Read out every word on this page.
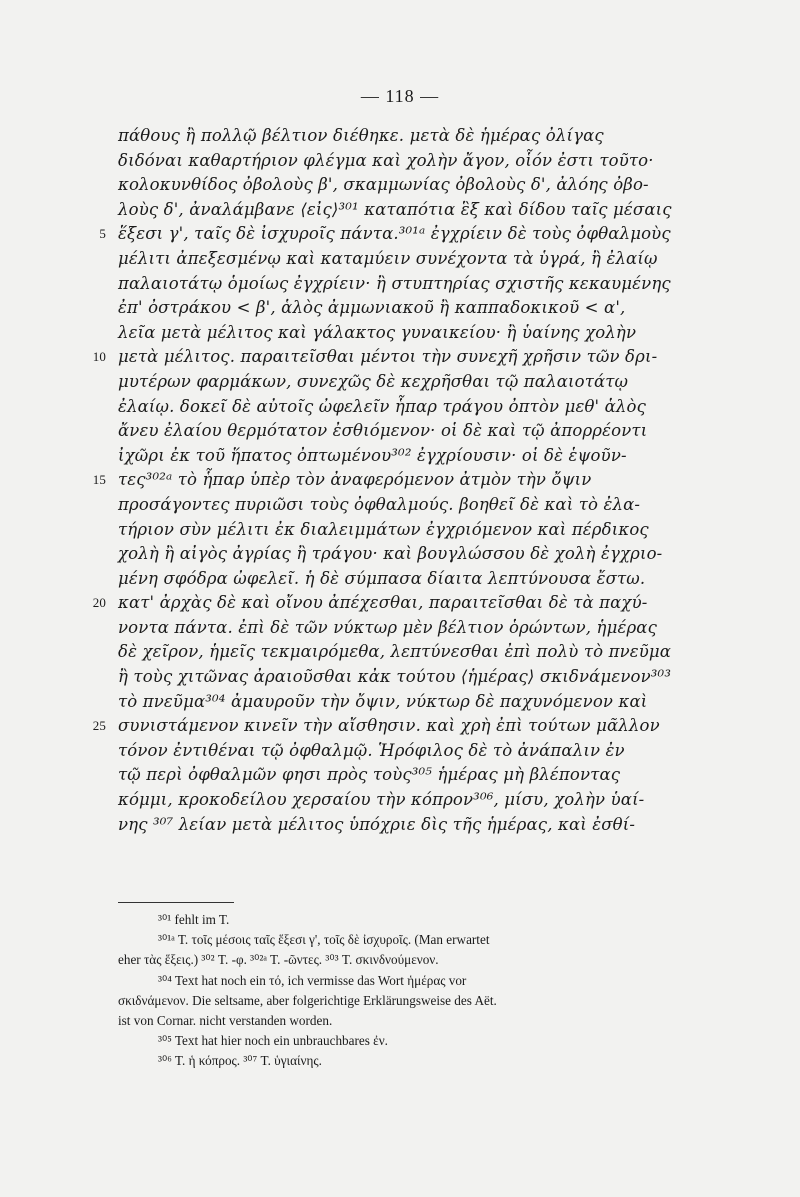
— 118 —
πάθους ἢ πολλῷ βέλτιον διέθηκε. μετὰ δὲ ἡμέρας ὀλίγας
διδόναι καθαρτήριον φλέγμα καὶ χολὴν ἄγον, οἷόν ἐστι τοῦτο·
κολοκυνθίδος ὀβολοὺς β', σκαμμωνίας ὀβολοὺς δ', ἀλόης ὀβο-
λοὺς δ', ἀναλάμβανε ⟨εἰς⟩³⁰¹ καταπότια ἓξ καὶ δίδου ταῖς μέσαις
5 ἕξεσι γ', ταῖς δὲ ἰσχυροῖς πάντα.³⁰¹ᵃ ἐγχρίειν δὲ τοὺς ὀφθαλμοὺς
μέλιτι ἀπεξεσμένῳ καὶ καταμύειν συνέχοντα τὰ ὑγρά, ἢ ἐλαίῳ
παλαιοτάτῳ ὁμοίως ἐγχρίειν· ἢ στυπτηρίας σχιστῆς κεκαυμένης
ἐπ' ὀστράκου < β', ἁλὸς ἀμμωνιακοῦ ἢ καππαδοκικοῦ < α',
λεῖα μετὰ μέλιτος καὶ γάλακτος γυναικείου· ἢ ὑαίνης χολὴν
10 μετὰ μέλιτος. παραιτεῖσθαι μέντοι τὴν συνεχῆ χρῆσιν τῶν δρι-
μυτέρων φαρμάκων, συνεχῶς δὲ κεχρῆσθαι τῷ παλαιοτάτῳ
ἐλαίῳ. δοκεῖ δὲ αὐτοῖς ὠφελεῖν ἧπαρ τράγου ὀπτὸν μεθ' ἁλὸς
ἄνευ ἐλαίου θερμότατον ἐσθιόμενον· οἱ δὲ καὶ τῷ ἀπορρέοντι
ἰχῶρι ἐκ τοῦ ἥπατος ὀπτωμένου³⁰² ἐγχρίουσιν· οἱ δὲ ἑψοῦν-
15 τες³⁰²ᵃ τὸ ἧπαρ ὑπὲρ τὸν ἀναφερόμενον ἀτμὸν τὴν ὄψιν
προσάγοντες πυριῶσι τοὺς ὀφθαλμούς. βοηθεῖ δὲ καὶ τὸ ἐλα-
τήριον σὺν μέλιτι ἐκ διαλειμμάτων ἐγχριόμενον καὶ πέρδικος
χολὴ ἢ αἰγὸς ἀγρίας ἢ τράγου· καὶ βουγλώσσου δὲ χολὴ ἐγχριο-
μένη σφόδρα ὠφελεῖ. ἡ δὲ σύμπασα δίαιτα λεπτύνουσα ἔστω.
20 κατ' ἀρχὰς δὲ καὶ οἴνου ἀπέχεσθαι, παραιτεῖσθαι δὲ τὰ παχύ-
νοντα πάντα. ἐπὶ δὲ τῶν νύκτωρ μὲν βέλτιον ὁρώντων, ἡμέρας
δὲ χεῖρον, ἡμεῖς τεκμαιρόμεθα, λεπτύνεσθαι ἐπὶ πολὺ τὸ πνεῦμα
ἢ τοὺς χιτῶνας ἀραιοῦσθαι κἀκ τούτου ⟨ἡμέρας⟩ σκιδνάμενον³⁰³
τὸ πνεῦμα³⁰⁴ ἀμαυροῦν τὴν ὄψιν, νύκτωρ δὲ παχυνόμενον καὶ
25 συνιστάμενον κινεῖν τὴν αἴσθησιν. καὶ χρὴ ἐπὶ τούτων μᾶλλον
τόνον ἐντιθέναι τῷ ὀφθαλμῷ. Ἡρόφιλος δὲ τὸ ἀνάπαλιν ἐν
τῷ περὶ ὀφθαλμῶν φησι πρὸς τοὺς³⁰⁵ ἡμέρας μὴ βλέποντας
κόμμι, κροκοδείλου χερσαίου τὴν κόπρον³⁰⁶, μίσυ, χολὴν ὑαί-
νης ³⁰⁷ λείαν μετὰ μέλιτος ὑπόχριε δὶς τῆς ἡμέρας, καὶ ἐσθί-
³⁰¹ fehlt im T.
³⁰¹ᵃ T. τοῖς μέσοις ταῖς ἕξεσι γ', τοῖς δὲ ἰσχυροῖς. (Man erwartet
eher τὰς ἕξεις.) ³⁰² T. -φ. ³⁰²ᵃ T. -ῶντες. ³⁰³ T. σκινδνούμενον.
³⁰⁴ Text hat noch ein τό, ich vermisse das Wort ἡμέρας vor
σκιδνάμενον. Die seltsame, aber folgerichtige Erklärungsweise des Aët.
ist von Cornar. nicht verstanden worden.
³⁰⁵ Text hat hier noch ein unbrauchbares ἐν.
³⁰⁶ T. ἡ κόπρος. ³⁰⁷ T. ὑγιαίνης.
